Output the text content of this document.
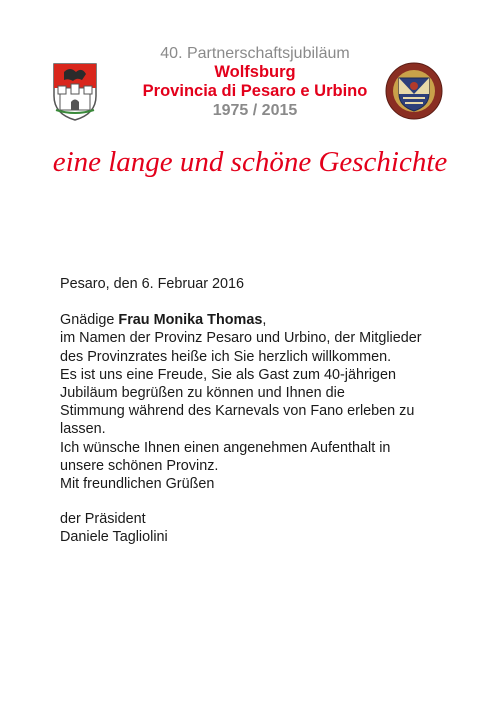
40. Partnerschaftsjubiläum
Wolfsburg
Provincia di Pesaro e Urbino
1975 / 2015
eine lange und schöne Geschichte
Pesaro, den 6. Februar 2016
Gnädige Frau Monika Thomas,
im Namen der Provinz Pesaro und Urbino, der Mitglieder
des Provinzrates heiße ich Sie herzlich willkommen.
Es ist uns eine Freude, Sie als Gast zum 40-jährigen
Jubiläum begrüßen zu können und Ihnen die
Stimmung während des Karnevals von Fano erleben zu
lassen.
Ich wünsche Ihnen einen angenehmen Aufenthalt in
unsere schönen Provinz.
Mit freundlichen Grüßen
der Präsident
Daniele Tagliolini
